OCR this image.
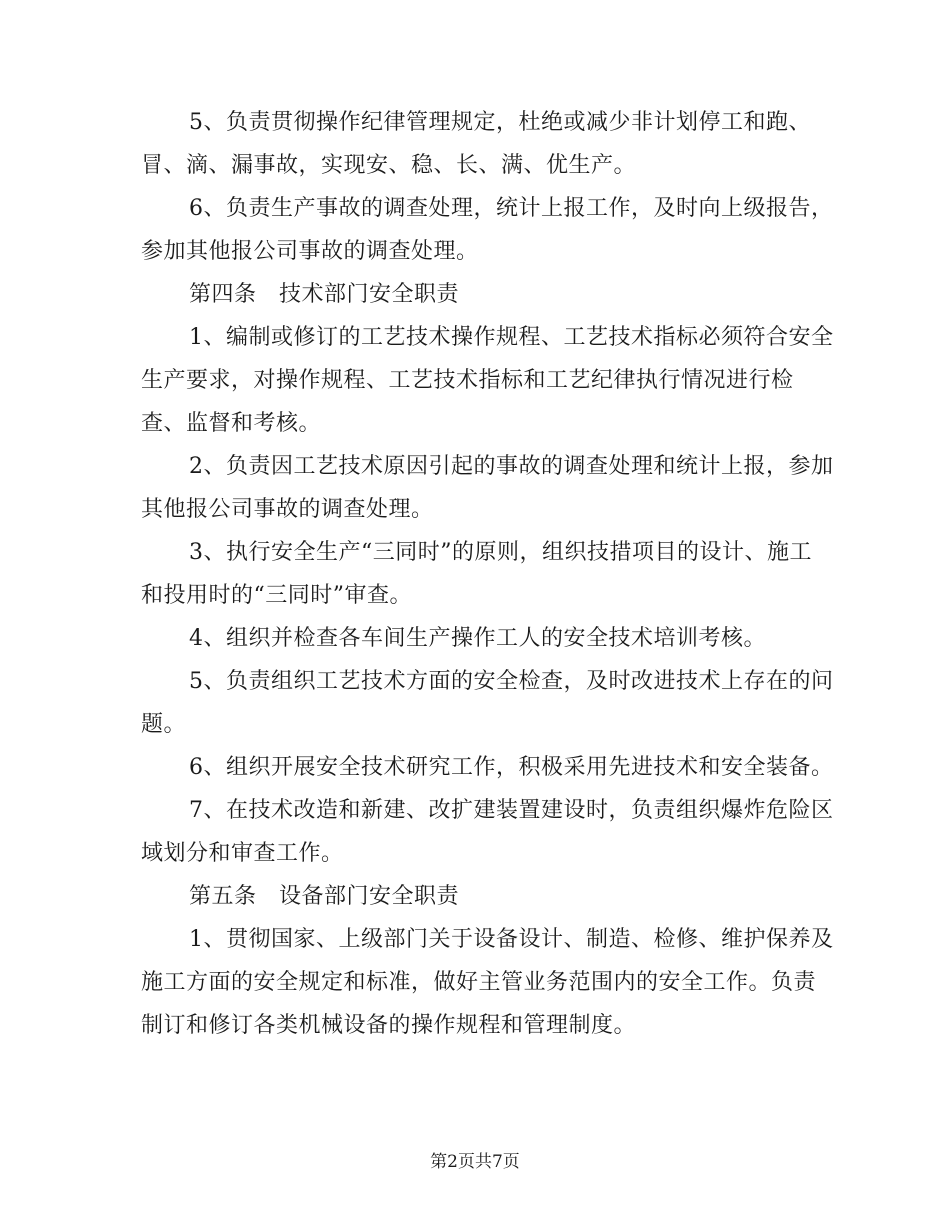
5、负责贯彻操作纪律管理规定，杜绝或减少非计划停工和跑、
冒、滴、漏事故，实现安、稳、长、满、优生产。
6、负责生产事故的调查处理，统计上报工作，及时向上级报告，
参加其他报公司事故的调查处理。
第四条　技术部门安全职责
1、编制或修订的工艺技术操作规程、工艺技术指标必须符合安全
生产要求，对操作规程、工艺技术指标和工艺纪律执行情况进行检
查、监督和考核。
2、负责因工艺技术原因引起的事故的调查处理和统计上报，参加
其他报公司事故的调查处理。
3、执行安全生产“三同时”的原则，组织技措项目的设计、施工
和投用时的“三同时”审查。
4、组织并检查各车间生产操作工人的安全技术培训考核。
5、负责组织工艺技术方面的安全检查，及时改进技术上存在的问
题。
6、组织开展安全技术研究工作，积极采用先进技术和安全装备。
7、在技术改造和新建、改扩建装置建设时，负责组织爆炸危险区
域划分和审查工作。
第五条　设备部门安全职责
1、贯彻国家、上级部门关于设备设计、制造、检修、维护保养及
施工方面的安全规定和标准，做好主管业务范围内的安全工作。负责
制订和修订各类机械设备的操作规程和管理制度。
第2页共7页
